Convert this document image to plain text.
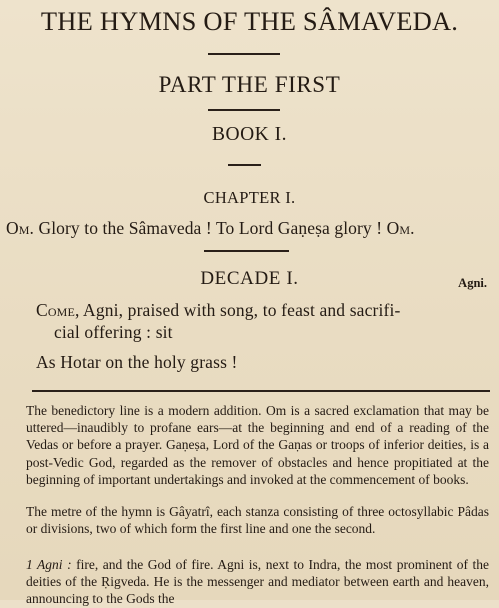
THE HYMNS OF THE SÂMAVEDA.
PART THE FIRST
BOOK I.
CHAPTER I.
Om. Glory to the Sâmaveda ! To Lord Gaṇeṣa glory ! Om.
DECADE I.	Agni.
Come, Agni, praised with song, to feast and sacrifi-
cial offering : sit
As Hotar on the holy grass !

The benedictory line is a modern addition. Om is a sacred exclamation that may be uttered—inaudibly to profane ears—at the beginning and end of a reading of the Vedas or before a prayer. Gaṇeṣa, Lord of the Gaṇas or troops of inferior deities, is a post-Vedic God, regarded as the remover of obstacles and hence propitiated at the beginning of important undertakings and invoked at the commencement of books.

The metre of the hymn is Gâyatrî, each stanza consisting of three octosyllabic Pâdas or divisions, two of which form the first line and one the second.

1 Agni : fire, and the God of fire. Agni is, next to Indra, the most prominent of the deities of the Ṛigveda. He is the messenger and mediator between earth and heaven, announcing to the Gods the
